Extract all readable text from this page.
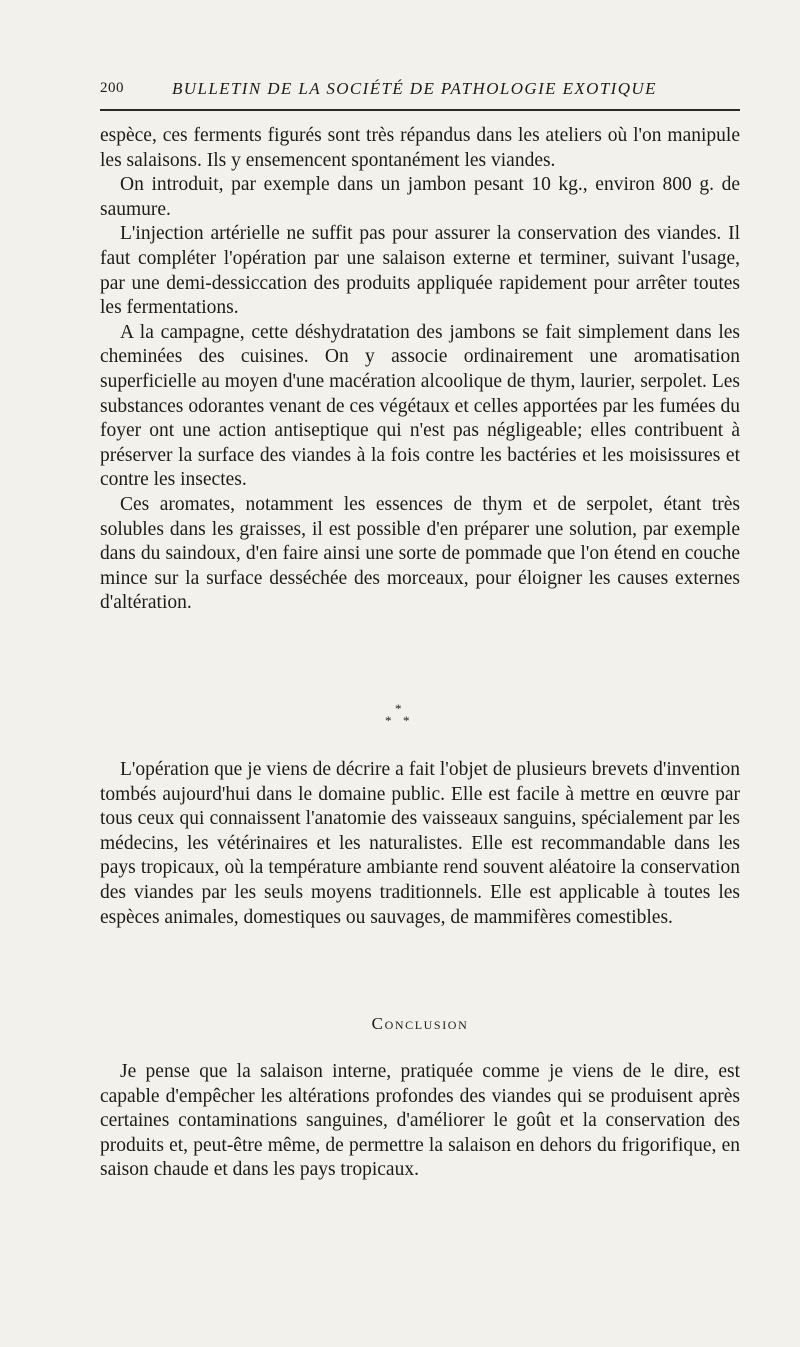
200	BULLETIN DE LA SOCIÉTÉ DE PATHOLOGIE EXOTIQUE

espèce, ces ferments figurés sont très répandus dans les ateliers où l'on manipule les salaisons. Ils y ensemencent spontanément les viandes.

On introduit, par exemple dans un jambon pesant 10 kg., environ 800 g. de saumure.

L'injection artérielle ne suffit pas pour assurer la conservation des viandes. Il faut compléter l'opération par une salaison externe et terminer, suivant l'usage, par une demi-dessiccation des produits appliquée rapidement pour arrêter toutes les fermentations.

A la campagne, cette déshydratation des jambons se fait simplement dans les cheminées des cuisines. On y associe ordinairement une aromatisation superficielle au moyen d'une macération alcoolique de thym, laurier, serpolet. Les substances odorantes venant de ces végétaux et celles apportées par les fumées du foyer ont une action antiseptique qui n'est pas négligeable; elles contribuent à préserver la surface des viandes à la fois contre les bactéries et les moisissures et contre les insectes.

Ces aromates, notamment les essences de thym et de serpolet, étant très solubles dans les graisses, il est possible d'en préparer une solution, par exemple dans du saindoux, d'en faire ainsi une sorte de pommade que l'on étend en couche mince sur la surface desséchée des morceaux, pour éloigner les causes externes d'altération.

*
* *

L'opération que je viens de décrire a fait l'objet de plusieurs brevets d'invention tombés aujourd'hui dans le domaine public. Elle est facile à mettre en œuvre par tous ceux qui connaissent l'anatomie des vaisseaux sanguins, spécialement par les médecins, les vétérinaires et les naturalistes. Elle est recommandable dans les pays tropicaux, où la température ambiante rend souvent aléatoire la conservation des viandes par les seuls moyens traditionnels. Elle est applicable à toutes les espèces animales, domestiques ou sauvages, de mammifères comestibles.

Conclusion

Je pense que la salaison interne, pratiquée comme je viens de le dire, est capable d'empêcher les altérations profondes des viandes qui se produisent après certaines contaminations sanguines, d'améliorer le goût et la conservation des produits et, peut-être même, de permettre la salaison en dehors du frigorifique, en saison chaude et dans les pays tropicaux.
